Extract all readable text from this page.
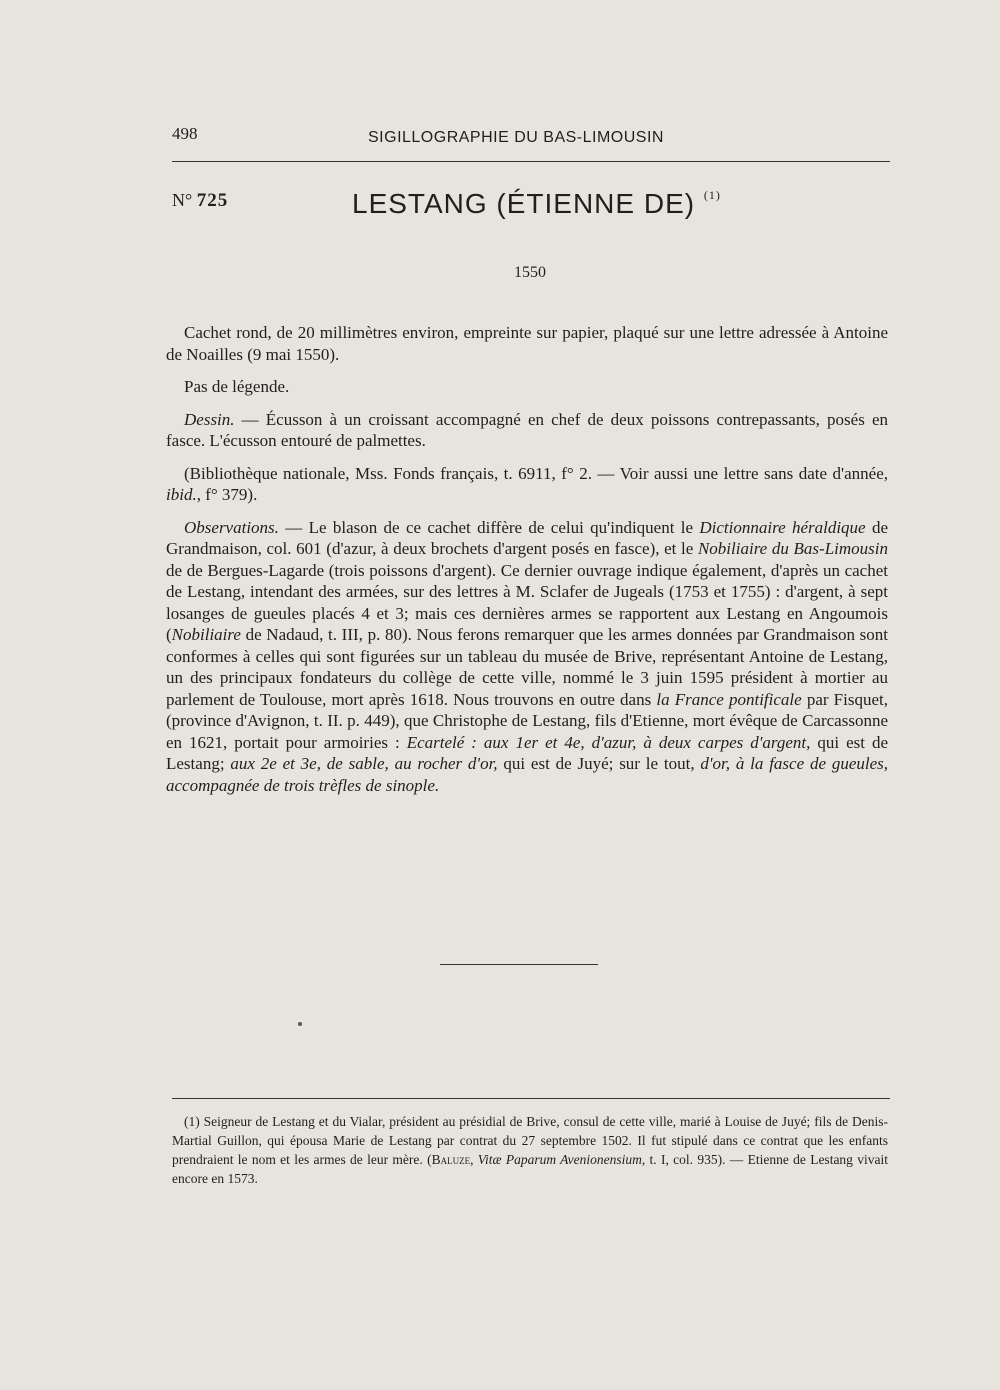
498	SIGILLOGRAPHIE DU BAS-LIMOUSIN
N° 725	LESTANG (ÉTIENNE DE) $^{(1)}$
1550

Cachet rond, de 20 millimètres environ, empreinte sur papier, plaqué sur une lettre adressée à Antoine de Noailles (9 mai 1550).

Pas de légende.

Dessin. — Écusson à un croissant accompagné en chef de deux poissons contrepassants, posés en fasce. L'écusson entouré de palmettes.

(Bibliothèque nationale, Mss. Fonds français, t. 6911, f° 2. — Voir aussi une lettre sans date d'année, ibid., f° 379).

Observations. — Le blason de ce cachet diffère de celui qu'indiquent le Dictionnaire héraldique de Grandmaison, col. 601 (d'azur, à deux brochets d'argent posés en fasce), et le Nobiliaire du Bas-Limousin de de Bergues-Lagarde (trois poissons d'argent). Ce dernier ouvrage indique également, d'après un cachet de Lestang, intendant des armées, sur des lettres à M. Sclafer de Jugeals (1753 et 1755) : d'argent, à sept losanges de gueules placés 4 et 3; mais ces dernières armes se rapportent aux Lestang en Angoumois (Nobiliaire de Nadaud, t. III, p. 80). Nous ferons remarquer que les armes données par Grandmaison sont conformes à celles qui sont figurées sur un tableau du musée de Brive, représentant Antoine de Lestang, un des principaux fondateurs du collège de cette ville, nommé le 3 juin 1595 président à mortier au parlement de Toulouse, mort après 1618. Nous trouvons en outre dans la France pontificale par Fisquet, (province d'Avignon, t. II. p. 449), que Christophe de Lestang, fils d'Etienne, mort évêque de Carcassonne en 1621, portait pour armoiries : Ecartelé : aux 1er et 4e, d'azur, à deux carpes d'argent, qui est de Lestang; aux 2e et 3e, de sable, au rocher d'or, qui est de Juyé; sur le tout, d'or, à la fasce de gueules, accompagnée de trois trèfles de sinople.

(1) Seigneur de Lestang et du Vialar, président au présidial de Brive, consul de cette ville, marié à Louise de Juyé; fils de Denis-Martial Guillon, qui épousa Marie de Lestang par contrat du 27 septembre 1502. Il fut stipulé dans ce contrat que les enfants prendraient le nom et les armes de leur mère. (Baluze, Vitæ Paparum Avenionensium, t. I, col. 935). — Etienne de Lestang vivait encore en 1573.
